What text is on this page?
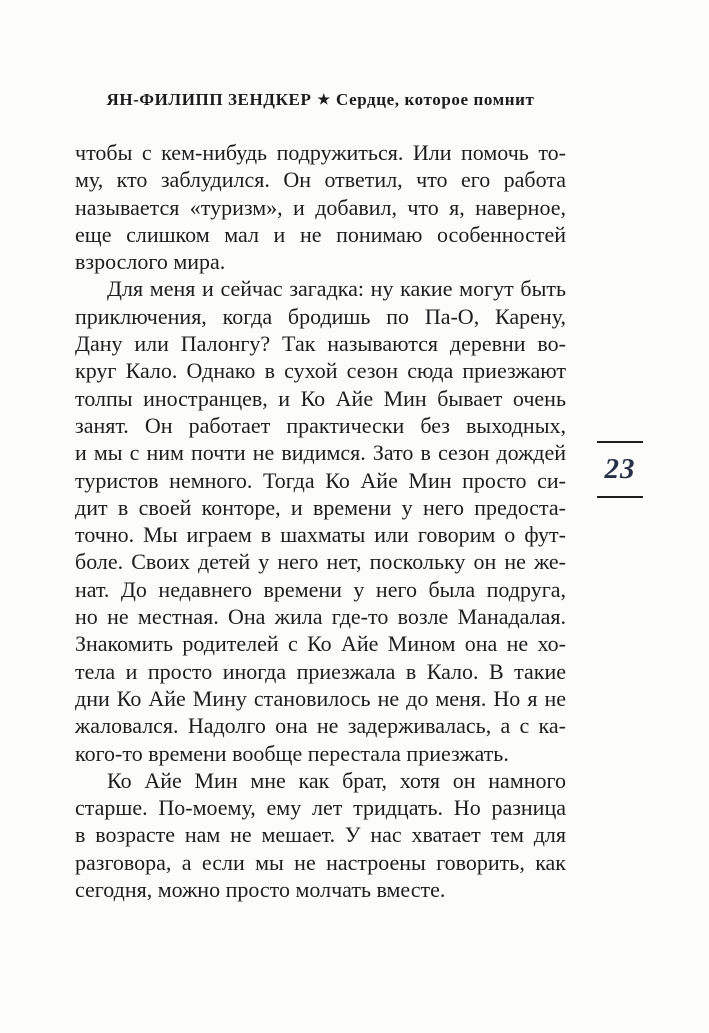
ЯН-ФИЛИПП ЗЕНДКЕР ★ Сердце, которое помнит
чтобы с кем-нибудь подружиться. Или помочь то-
му, кто заблудился. Он ответил, что его работа
называется «туризм», и добавил, что я, наверное,
еще слишком мал и не понимаю особенностей
взрослого мира.
Для меня и сейчас загадка: ну какие могут быть
приключения, когда бродишь по Па-О, Карену,
Дану или Палонгу? Так называются деревни во-
круг Кало. Однако в сухой сезон сюда приезжают
толпы иностранцев, и Ко Айе Мин бывает очень
занят. Он работает практически без выходных,
и мы с ним почти не видимся. Зато в сезон дождей
туристов немного. Тогда Ко Айе Мин просто си-
дит в своей конторе, и времени у него предоста-
точно. Мы играем в шахматы или говорим о фут-
боле. Своих детей у него нет, поскольку он не же-
нат. До недавнего времени у него была подруга,
но не местная. Она жила где-то возле Манадалая.
Знакомить родителей с Ко Айе Мином она не хо-
тела и просто иногда приезжала в Кало. В такие
дни Ко Айе Мину становилось не до меня. Но я не
жаловался. Надолго она не задерживалась, а с ка-
кого-то времени вообще перестала приезжать.
Ко Айе Мин мне как брат, хотя он намного
старше. По-моему, ему лет тридцать. Но разница
в возрасте нам не мешает. У нас хватает тем для
разговора, а если мы не настроены говорить, как
сегодня, можно просто молчать вместе.
23
